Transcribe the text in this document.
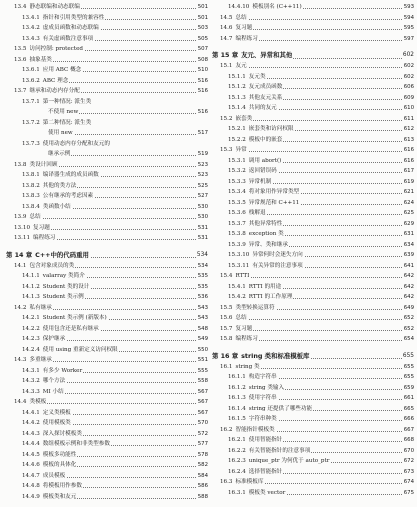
13.4 静态联编和动态联编	501
13.4.1 指针和引用类型的兼容性	501
13.4.2 虚成员函数和动态联编	503
13.4.3 有关虚函数注意事项	505
13.5 访问控制: protected	507
13.6 抽象基类	508
13.6.1 应用 ABC 概念	510
13.6.2 ABC 理念	516
13.7 继承和动态内存分配	516
13.7.1 第一种情况: 派生类
不使用 new	516
13.7.2 第二种情况: 派生类
使用 new	517
13.7.3 使用动态内存分配和友元的
继承示例	519
13.8 类设计回顾	523
13.8.1 编译器生成的成员函数	523
13.8.2 其他的类方法	525
13.8.3 公有继承的考虑因素	527
13.8.4 类函数小结	530
13.9 总结	530
13.10 复习题	531
13.11 编程练习	531
第 14 章 C++中的代码重用	534
14.1 包含对象成员的类	534
14.1.1 valarray 类简介	535
14.1.2 Student 类的设计	535
14.1.3 Student 类示例	536
14.2 私有继承	543
14.2.1 Student 类示例 (新版本)	543
14.2.2 使用包含还是私有继承	548
14.2.3 保护继承	549
14.2.4 使用 using 重新定义访问权限	550
14.3 多重继承	551
14.3.1 有多少 Worker	555
14.3.2 哪个方法	558
14.3.3 MI 小结	567
14.4 类模板	567
14.4.1 定义类模板	567
14.4.2 使用模板类	570
14.4.3 深入探讨模板类	572
14.4.4 数组模板示例和非类型参数	577
14.4.5 模板多功能性	578
14.4.6 模板的具体化	582
14.4.7 成员模板	584
14.4.8 将模板用作参数	586
14.4.9 模板类和友元	588
14.4.10 模板别名 (C++11)	593
14.5 总结	594
14.6 复习题	595
14.7 编程练习	597
第 15 章 友元、异常和其他	602
15.1 友元	602
15.1.1 友元类	602
15.1.2 友元成员函数	606
15.1.3 其他友元关系	609
15.1.4 共同的友元	610
15.2 嵌套类	611
15.2.1 嵌套类和访问权限	612
15.2.2 模板中的嵌套	613
15.3 异常	616
15.3.1 调用 abort()	616
15.3.2 返回错误码	617
15.3.3 异常机制	619
15.3.4 将对象用作异常类型	621
15.3.5 异常规范和 C++11	624
15.3.6 栈解退	625
15.3.7 其他异常特性	629
15.3.8 exception 类	631
15.3.9 异常、类和继承	634
15.3.10 异常何时会迷失方向	639
15.3.11 有关异常的注意事项	641
15.4 RTTI	642
15.4.1 RTTI 的用途	642
15.4.2 RTTI 的工作原理	642
15.5 类型转换运算符	649
15.6 总结	652
15.7 复习题	652
15.8 编程练习	654
第 16 章 string 类和标准模板库	655
16.1 string 类	655
16.1.1 构造字符串	655
16.1.2 string 类输入	659
16.1.3 使用字符串	661
16.1.4 string 还提供了哪些功能	665
16.1.5 字符串种类	666
16.2 智能指针模板类	667
16.2.1 使用智能指针	668
16.2.2 有关智能指针的注意事项	670
16.2.3 unique_ptr 为何优于 auto_ptr	672
16.2.4 选择智能指针	673
16.3 标准模板库	674
16.3.1 模板类 vector	675
